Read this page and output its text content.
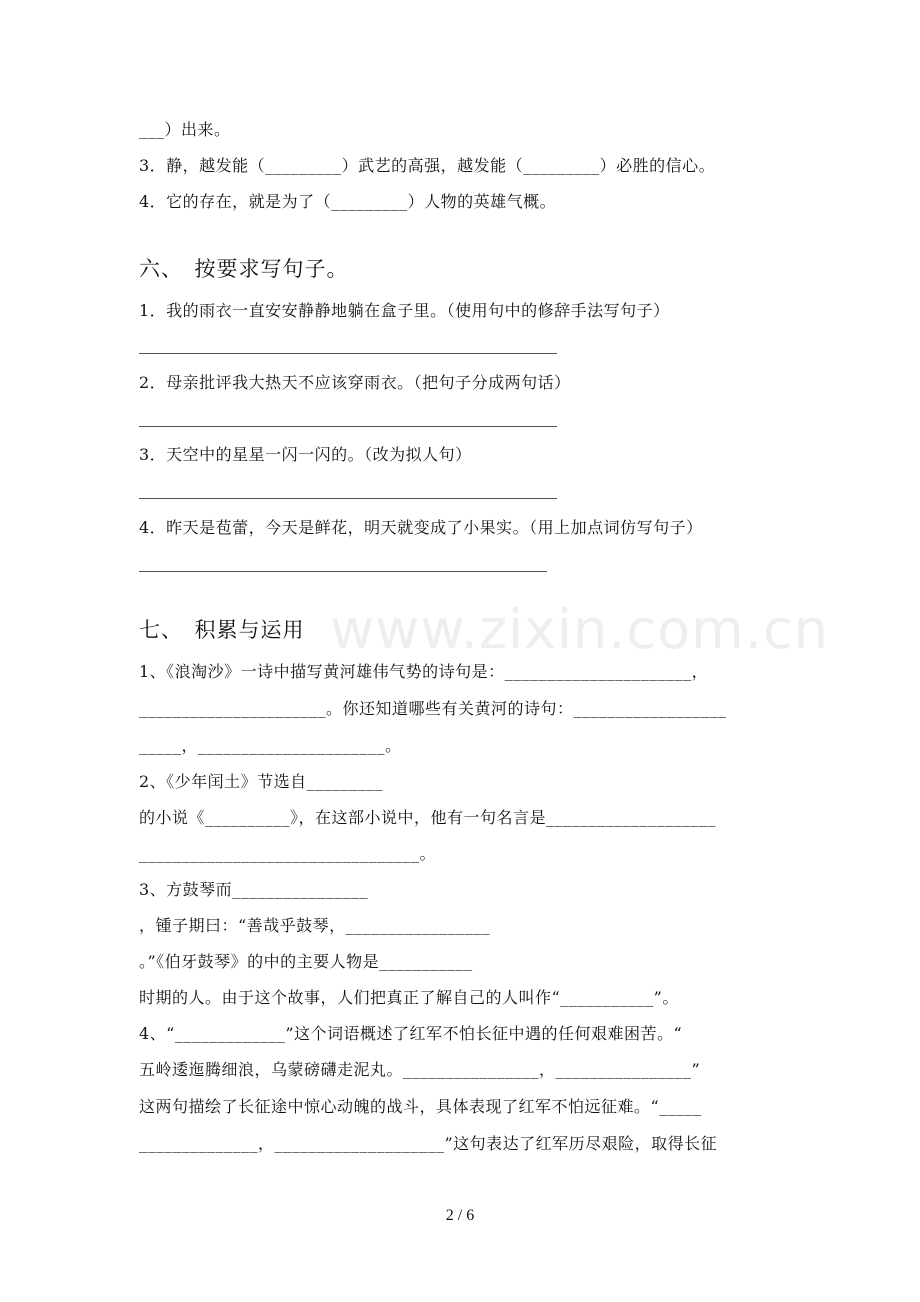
www.zixin.com.cn
___）出来。
3．静，越发能（_________）武艺的高强，越发能（_________）必胜的信心。
4．它的存在，就是为了（_________）人物的英雄气概。
六、　按要求写句子。
1．我的雨衣一直安安静静地躺在盒子里。（使用句中的修辞手法写句子）
2．母亲批评我大热天不应该穿雨衣。（把句子分成两句话）
3．天空中的星星一闪一闪的。（改为拟人句）
4．昨天是苞蕾，今天是鲜花，明天就变成了小果实。（用上加点词仿写句子）
七、　积累与运用
1、《浪淘沙》一诗中描写黄河雄伟气势的诗句是：______________________，
______________________。你还知道哪些有关黄河的诗句：__________________
_____，______________________。
2、《少年闰土》节选自_________
的小说《__________》，在这部小说中，他有一句名言是____________________
_________________________________。
3、方鼓琴而________________
，锺子期曰：“善哉乎鼓琴，_________________
。”《伯牙鼓琴》的中的主要人物是___________
时期的人。由于这个故事，人们把真正了解自己的人叫作“___________”。
4、“_____________”这个词语概述了红军不怕长征中遇的任何艰难困苦。“
五岭逶迤腾细浪，乌蒙磅礴走泥丸。________________，________________”
这两句描绘了长征途中惊心动魄的战斗，具体表现了红军不怕远征难。“_____
______________，____________________”这句表达了红军历尽艰险，取得长征
2 / 6
